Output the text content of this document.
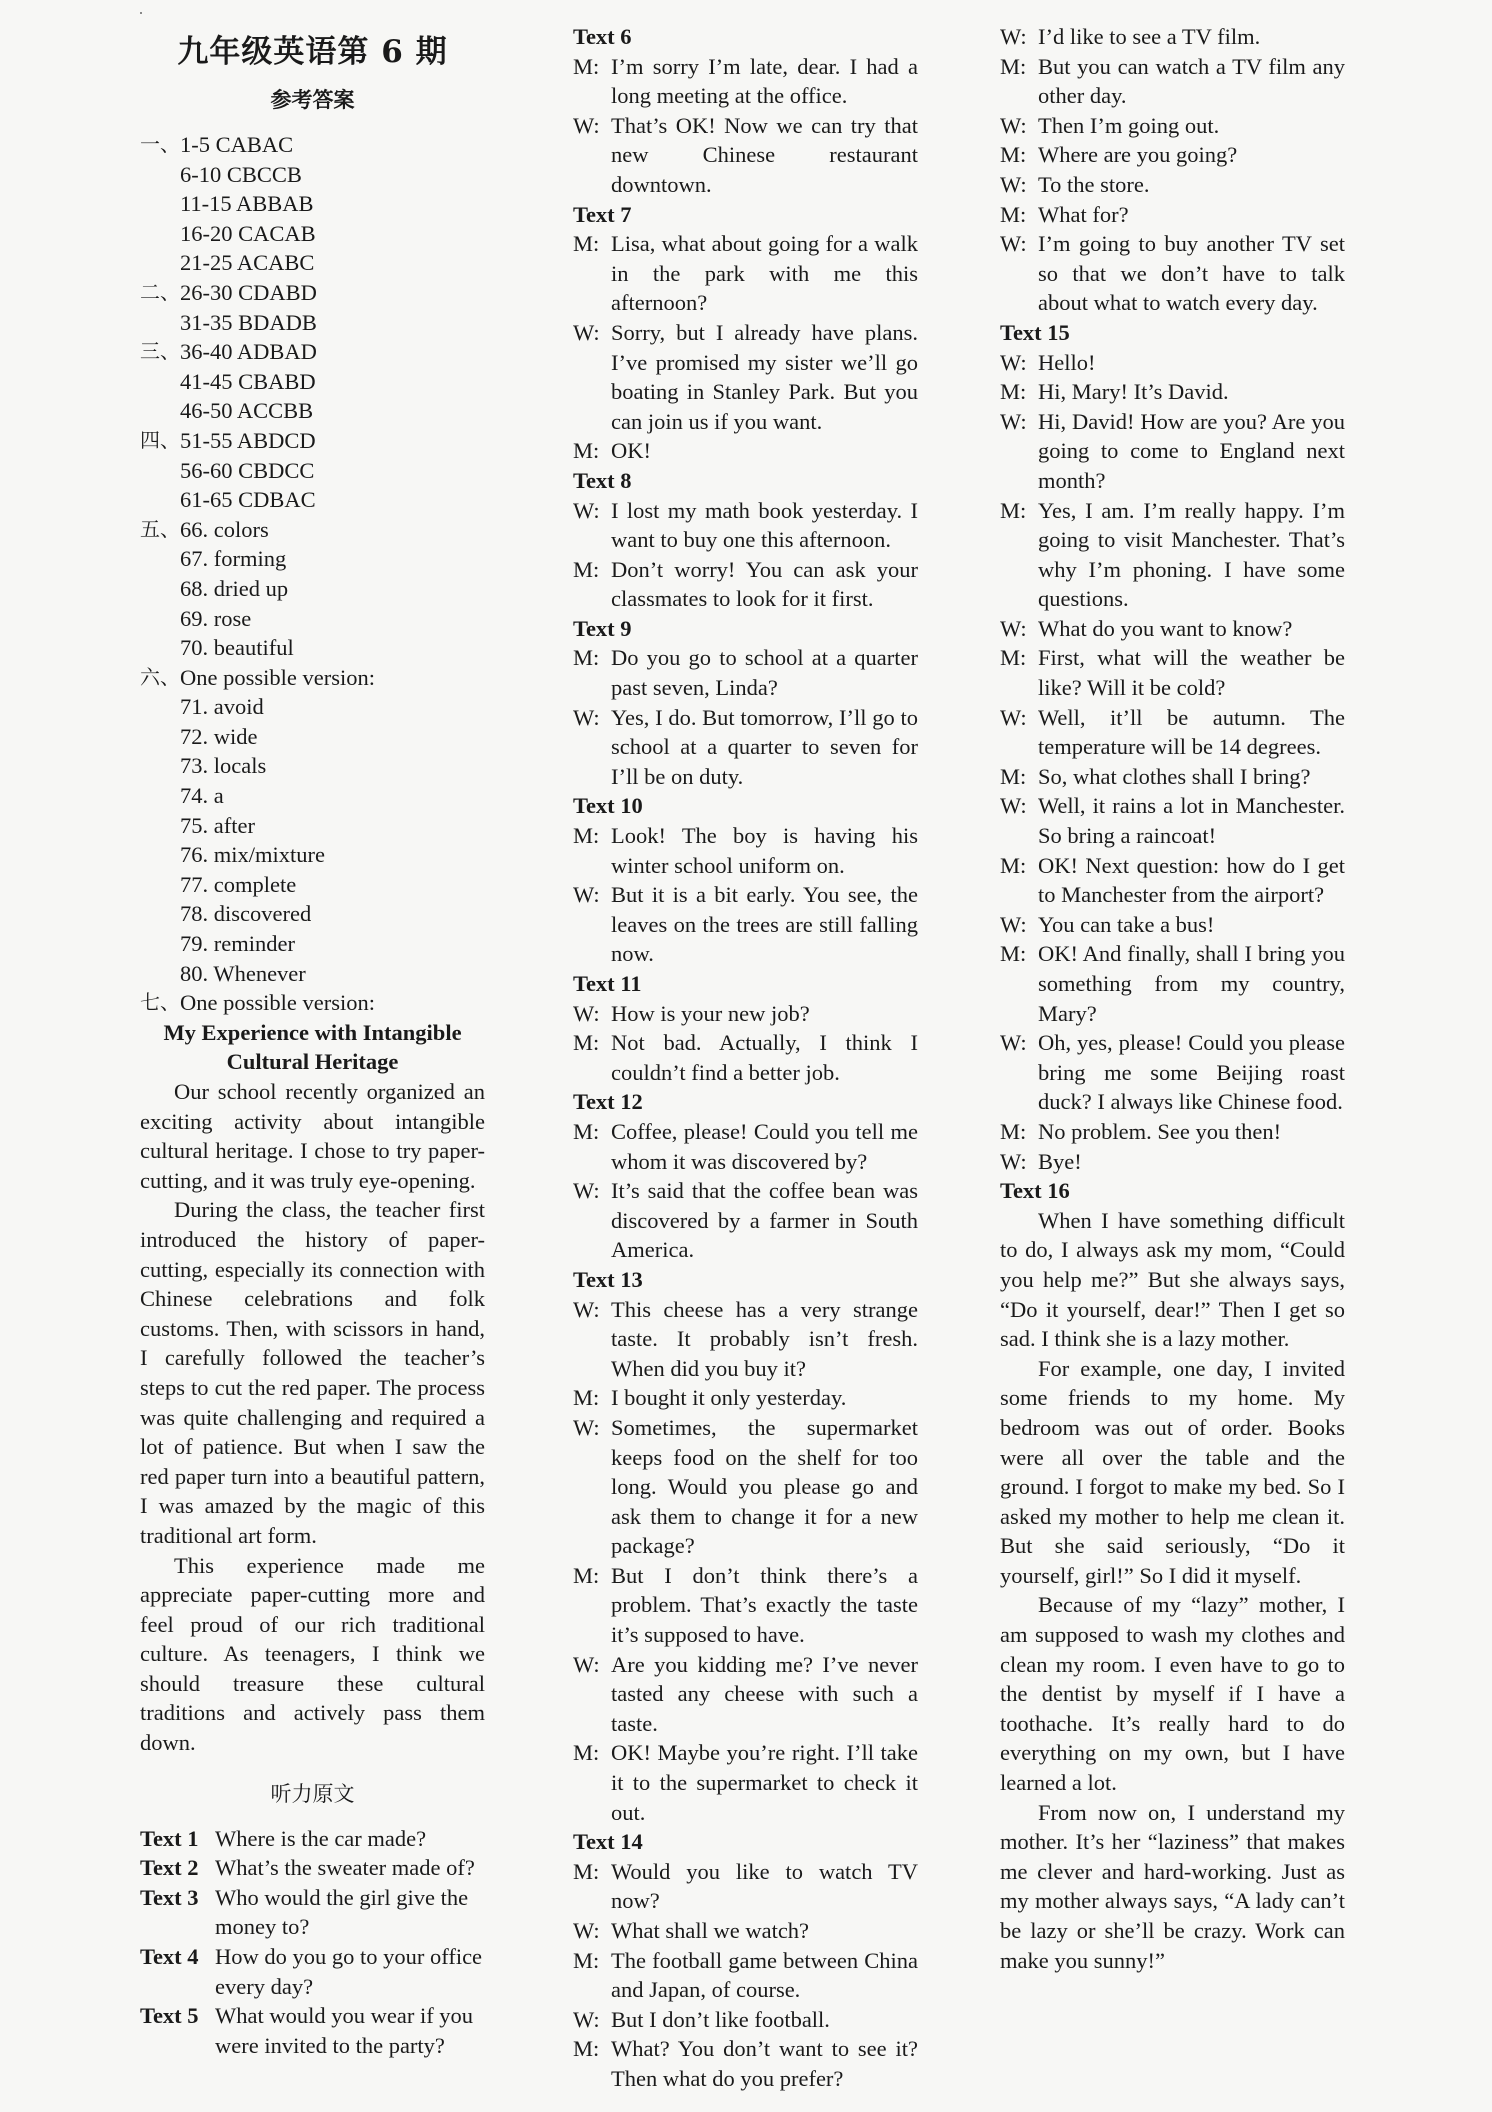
九年级英语第 6 期
参考答案
一、 1-5 CABAC
6-10 CBCCB
11-15 ABBAB
16-20 CACAB
21-25 ACABC
二、 26-30 CDABD
31-35 BDADB
三、 36-40 ADBAD
41-45 CBABD
46-50 ACCBB
四、 51-55 ABDCD
56-60 CBDCC
61-65 CDBAC
五、 66. colors
67. forming
68. dried up
69. rose
70. beautiful
六、 One possible version:
71. avoid
72. wide
73. locals
74. a
75. after
76. mix/mixture
77. complete
78. discovered
79. reminder
80. Whenever
七、 One possible version:
My Experience with Intangible
Cultural Heritage
Our school recently organized an exciting activity about intangible cultural heritage. I chose to try paper-cutting, and it was truly eye-opening.
During the class, the teacher first introduced the history of paper-cutting, especially its connection with Chinese celebrations and folk customs. Then, with scissors in hand, I carefully followed the teacher’s steps to cut the red paper. The process was quite challenging and required a lot of patience. But when I saw the red paper turn into a beautiful pattern, I was amazed by the magic of this traditional art form.
This experience made me appreciate paper-cutting more and feel proud of our rich traditional culture. As teenagers, I think we should treasure these cultural traditions and actively pass them down.
听力原文
Text 1 Where is the car made?
Text 2 What’s the sweater made of?
Text 3 Who would the girl give the money to?
Text 4 How do you go to your office every day?
Text 5 What would you wear if you were invited to the party?
Text 6
M: I’m sorry I’m late, dear. I had a long meeting at the office.
W: That’s OK! Now we can try that new Chinese restaurant downtown.
Text 7
M: Lisa, what about going for a walk in the park with me this afternoon?
W: Sorry, but I already have plans. I’ve promised my sister we’ll go boating in Stanley Park. But you can join us if you want.
M: OK!
Text 8
W: I lost my math book yesterday. I want to buy one this afternoon.
M: Don’t worry! You can ask your classmates to look for it first.
Text 9
M: Do you go to school at a quarter past seven, Linda?
W: Yes, I do. But tomorrow, I’ll go to school at a quarter to seven for I’ll be on duty.
Text 10
M: Look! The boy is having his winter school uniform on.
W: But it is a bit early. You see, the leaves on the trees are still falling now.
Text 11
W: How is your new job?
M: Not bad. Actually, I think I couldn’t find a better job.
Text 12
M: Coffee, please! Could you tell me whom it was discovered by?
W: It’s said that the coffee bean was discovered by a farmer in South America.
Text 13
W: This cheese has a very strange taste. It probably isn’t fresh. When did you buy it?
M: I bought it only yesterday.
W: Sometimes, the supermarket keeps food on the shelf for too long. Would you please go and ask them to change it for a new package?
M: But I don’t think there’s a problem. That’s exactly the taste it’s supposed to have.
W: Are you kidding me? I’ve never tasted any cheese with such a taste.
M: OK! Maybe you’re right. I’ll take it to the supermarket to check it out.
Text 14
M: Would you like to watch TV now?
W: What shall we watch?
M: The football game between China and Japan, of course.
W: But I don’t like football.
M: What? You don’t want to see it? Then what do you prefer?
W: I’d like to see a TV film.
M: But you can watch a TV film any other day.
W: Then I’m going out.
M: Where are you going?
W: To the store.
M: What for?
W: I’m going to buy another TV set so that we don’t have to talk about what to watch every day.
Text 15
W: Hello!
M: Hi, Mary! It’s David.
W: Hi, David! How are you? Are you going to come to England next month?
M: Yes, I am. I’m really happy. I’m going to visit Manchester. That’s why I’m phoning. I have some questions.
W: What do you want to know?
M: First, what will the weather be like? Will it be cold?
W: Well, it’ll be autumn. The temperature will be 14 degrees.
M: So, what clothes shall I bring?
W: Well, it rains a lot in Manchester. So bring a raincoat!
M: OK! Next question: how do I get to Manchester from the airport?
W: You can take a bus!
M: OK! And finally, shall I bring you something from my country, Mary?
W: Oh, yes, please! Could you please bring me some Beijing roast duck? I always like Chinese food.
M: No problem. See you then!
W: Bye!
Text 16
When I have something difficult to do, I always ask my mom, “Could you help me?” But she always says, “Do it yourself, dear!” Then I get so sad. I think she is a lazy mother.
For example, one day, I invited some friends to my home. My bedroom was out of order. Books were all over the table and the ground. I forgot to make my bed. So I asked my mother to help me clean it. But she said seriously, “Do it yourself, girl!” So I did it myself.
Because of my “lazy” mother, I am supposed to wash my clothes and clean my room. I even have to go to the dentist by myself if I have a toothache. It’s really hard to do everything on my own, but I have learned a lot.
From now on, I understand my mother. It’s her “laziness” that makes me clever and hard-working. Just as my mother always says, “A lady can’t be lazy or she’ll be crazy. Work can make you sunny!”
